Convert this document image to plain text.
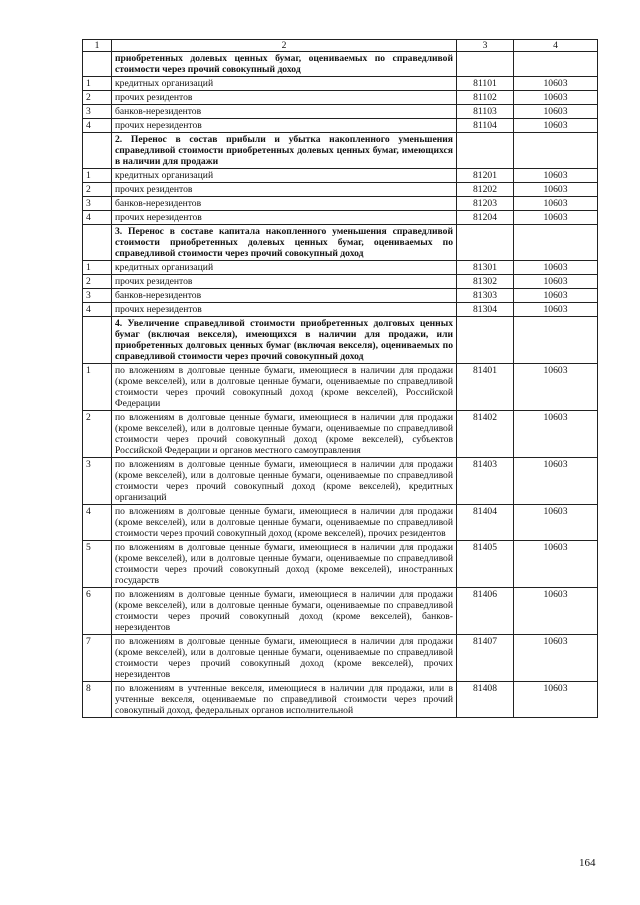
1	2	3	4
	приобретенных долевых ценных бумаг, оцениваемых по справедливой стоимости через прочий совокупный доход		
1	кредитных организаций	81101	10603
2	прочих резидентов	81102	10603
3	банков-нерезидентов	81103	10603
4	прочих нерезидентов	81104	10603
	2. Перенос в состав прибыли и убытка накопленного уменьшения справедливой стоимости приобретенных долевых ценных бумаг, имеющихся в наличии для продажи		
1	кредитных организаций	81201	10603
2	прочих резидентов	81202	10603
3	банков-нерезидентов	81203	10603
4	прочих нерезидентов	81204	10603
	3. Перенос в составе капитала накопленного уменьшения справедливой стоимости приобретенных долевых ценных бумаг, оцениваемых по справедливой стоимости через прочий совокупный доход		
1	кредитных организаций	81301	10603
2	прочих резидентов	81302	10603
3	банков-нерезидентов	81303	10603
4	прочих нерезидентов	81304	10603
	4. Увеличение справедливой стоимости приобретенных долговых ценных бумаг (включая векселя), имеющихся в наличии для продажи, или приобретенных долговых ценных бумаг (включая векселя), оцениваемых по справедливой стоимости через прочий совокупный доход		
1	по вложениям в долговые ценные бумаги, имеющиеся в наличии для продажи (кроме векселей), или в долговые ценные бумаги, оцениваемые по справедливой стоимости через прочий совокупный доход (кроме векселей), Российской Федерации	81401	10603
2	по вложениям в долговые ценные бумаги, имеющиеся в наличии для продажи (кроме векселей), или в долговые ценные бумаги, оцениваемые по справедливой стоимости через прочий совокупный доход (кроме векселей), субъектов Российской Федерации и органов местного самоуправления	81402	10603
3	по вложениям в долговые ценные бумаги, имеющиеся в наличии для продажи (кроме векселей), или в долговые ценные бумаги, оцениваемые по справедливой стоимости через прочий совокупный доход (кроме векселей), кредитных организаций	81403	10603
4	по вложениям в долговые ценные бумаги, имеющиеся в наличии для продажи (кроме векселей), или в долговые ценные бумаги, оцениваемые по справедливой стоимости через прочий совокупный доход (кроме векселей), прочих резидентов	81404	10603
5	по вложениям в долговые ценные бумаги, имеющиеся в наличии для продажи (кроме векселей), или в долговые ценные бумаги, оцениваемые по справедливой стоимости через прочий совокупный доход (кроме векселей), иностранных государств	81405	10603
6	по вложениям в долговые ценные бумаги, имеющиеся в наличии для продажи (кроме векселей), или в долговые ценные бумаги, оцениваемые по справедливой стоимости через прочий совокупный доход (кроме векселей), банков-нерезидентов	81406	10603
7	по вложениям в долговые ценные бумаги, имеющиеся в наличии для продажи (кроме векселей), или в долговые ценные бумаги, оцениваемые по справедливой стоимости через прочий совокупный доход (кроме векселей), прочих нерезидентов	81407	10603
8	по вложениям в учтенные векселя, имеющиеся в наличии для продажи, или в учтенные векселя, оцениваемые по справедливой стоимости через прочий совокупный доход, федеральных органов исполнительной	81408	10603
164
